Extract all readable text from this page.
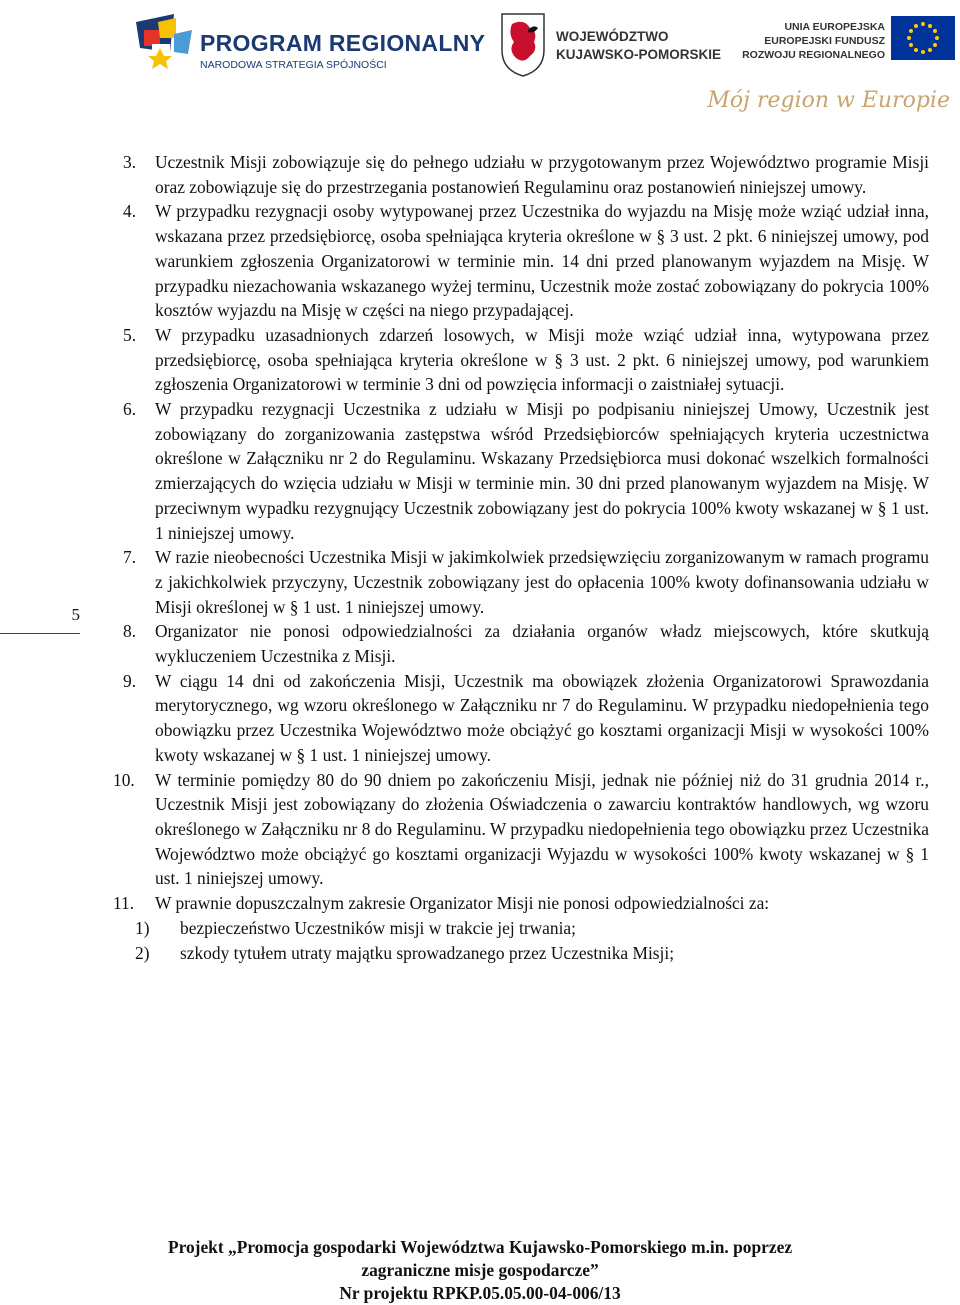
PROGRAM REGIONALNY
NARODOWA STRATEGIA SPÓJNOŚCI
WOJEWÓDZTWO
KUJAWSKO-POMORSKIE
UNIA EUROPEJSKA
EUROPEJSKI FUNDUSZ
ROZWOJU REGIONALNEGO
Mój region w Europie
5
3. Uczestnik Misji zobowiązuje się do pełnego udziału w przygotowanym przez Województwo programie Misji oraz zobowiązuje się do przestrzegania postanowień Regulaminu oraz postanowień niniejszej umowy.
4. W przypadku rezygnacji osoby wytypowanej przez Uczestnika do wyjazdu na Misję może wziąć udział inna, wskazana przez przedsiębiorcę, osoba spełniająca kryteria określone w § 3 ust. 2 pkt. 6 niniejszej umowy, pod warunkiem zgłoszenia Organizatorowi w terminie min. 14 dni przed planowanym wyjazdem na Misję. W przypadku niezachowania wskazanego wyżej terminu, Uczestnik może zostać zobowiązany do pokrycia 100% kosztów wyjazdu na Misję w części na niego przypadającej.
5. W przypadku uzasadnionych zdarzeń losowych, w Misji może wziąć udział inna, wytypowana przez przedsiębiorcę, osoba spełniająca kryteria określone w § 3 ust. 2 pkt. 6 niniejszej umowy, pod warunkiem zgłoszenia Organizatorowi w terminie 3 dni od powzięcia informacji o zaistniałej sytuacji.
6. W przypadku rezygnacji Uczestnika z udziału w Misji po podpisaniu niniejszej Umowy, Uczestnik jest zobowiązany do zorganizowania zastępstwa wśród Przedsiębiorców spełniających kryteria uczestnictwa określone w Załączniku nr 2 do Regulaminu. Wskazany Przedsiębiorca musi dokonać wszelkich formalności zmierzających do wzięcia udziału w Misji w terminie min. 30 dni przed planowanym wyjazdem na Misję. W przeciwnym wypadku rezygnujący Uczestnik zobowiązany jest do pokrycia 100% kwoty wskazanej w § 1 ust. 1 niniejszej umowy.
7. W razie nieobecności Uczestnika Misji w jakimkolwiek przedsięwzięciu zorganizowanym w ramach programu z jakichkolwiek przyczyny, Uczestnik zobowiązany jest do opłacenia 100% kwoty dofinansowania udziału w Misji określonej w § 1 ust. 1 niniejszej umowy.
8. Organizator nie ponosi odpowiedzialności za działania organów władz miejscowych, które skutkują wykluczeniem Uczestnika z Misji.
9. W ciągu 14 dni od zakończenia Misji, Uczestnik ma obowiązek złożenia Organizatorowi Sprawozdania merytorycznego, wg wzoru określonego w Załączniku nr 7 do Regulaminu. W przypadku niedopełnienia tego obowiązku przez Uczestnika Województwo może obciążyć go kosztami organizacji Misji w wysokości 100% kwoty wskazanej w § 1 ust. 1 niniejszej umowy.
10. W terminie pomiędzy 80 do 90 dniem po zakończeniu Misji, jednak nie później niż do 31 grudnia 2014 r., Uczestnik Misji jest zobowiązany do złożenia Oświadczenia o zawarciu kontraktów handlowych, wg wzoru określonego w Załączniku nr 8 do Regulaminu. W przypadku niedopełnienia tego obowiązku przez Uczestnika Województwo może obciążyć go kosztami organizacji Wyjazdu w wysokości 100% kwoty wskazanej w § 1 ust. 1 niniejszej umowy.
11. W prawnie dopuszczalnym zakresie Organizator Misji nie ponosi odpowiedzialności za:
1) bezpieczeństwo Uczestników misji w trakcie jej trwania;
2) szkody tytułem utraty majątku sprowadzanego przez Uczestnika Misji;
Projekt „Promocja gospodarki Województwa Kujawsko-Pomorskiego m.in. poprzez
zagraniczne misje gospodarcze”
Nr projektu RPKP.05.05.00-04-006/13
